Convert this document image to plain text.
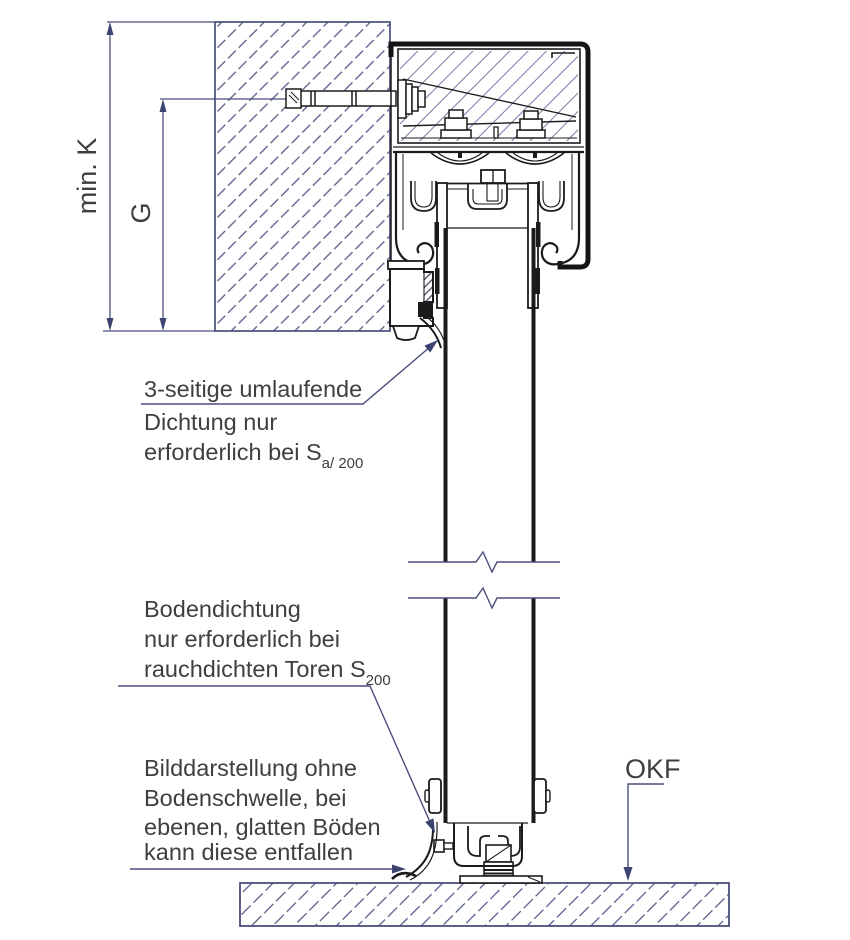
min. K G
3-seitige umlaufende
Dichtung nur
erforderlich bei $S_{a/ 200}$
Bodendichtung
nur erforderlich bei
rauchdichten Toren $S_{200}$
Bilddarstellung ohne
Bodenschwelle, bei
ebenen, glatten Böden
kann diese entfallen
OKF
